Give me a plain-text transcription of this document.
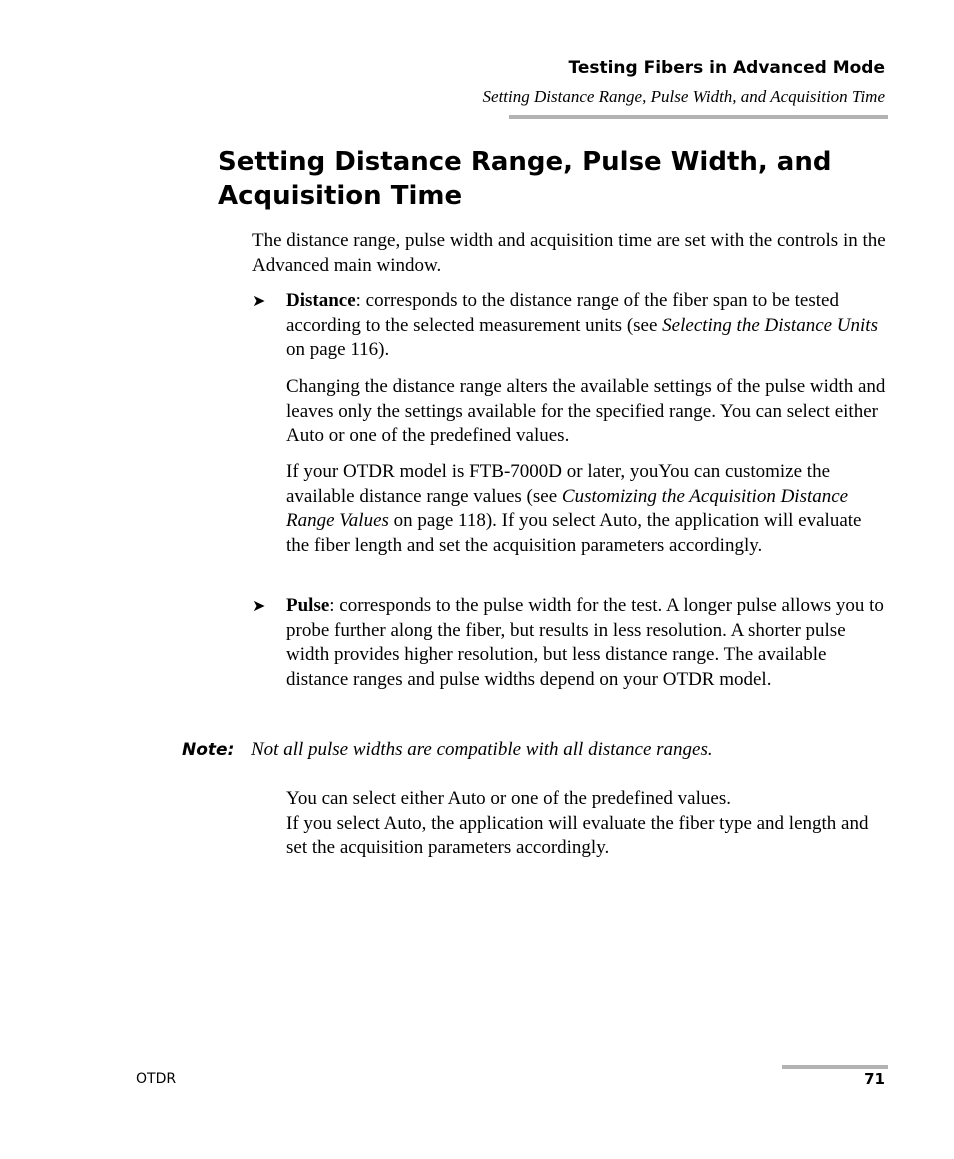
Testing Fibers in Advanced Mode
Setting Distance Range, Pulse Width, and Acquisition Time
Setting Distance Range, Pulse Width, and Acquisition Time

The distance range, pulse width and acquisition time are set with the controls in the Advanced main window.

➤ Distance: corresponds to the distance range of the fiber span to be tested according to the selected measurement units (see Selecting the Distance Units on page 116).

Changing the distance range alters the available settings of the pulse width and leaves only the settings available for the specified range. You can select either Auto or one of the predefined values.

If your OTDR model is FTB-7000D or later, youYou can customize the available distance range values (see Customizing the Acquisition Distance Range Values on page 118). If you select Auto, the application will evaluate the fiber length and set the acquisition parameters accordingly.

➤ Pulse: corresponds to the pulse width for the test. A longer pulse allows you to probe further along the fiber, but results in less resolution. A shorter pulse width provides higher resolution, but less distance range. The available distance ranges and pulse widths depend on your OTDR model.

Note: Not all pulse widths are compatible with all distance ranges.

You can select either Auto or one of the predefined values.
If you select Auto, the application will evaluate the fiber type and length and set the acquisition parameters accordingly.

OTDR	71
